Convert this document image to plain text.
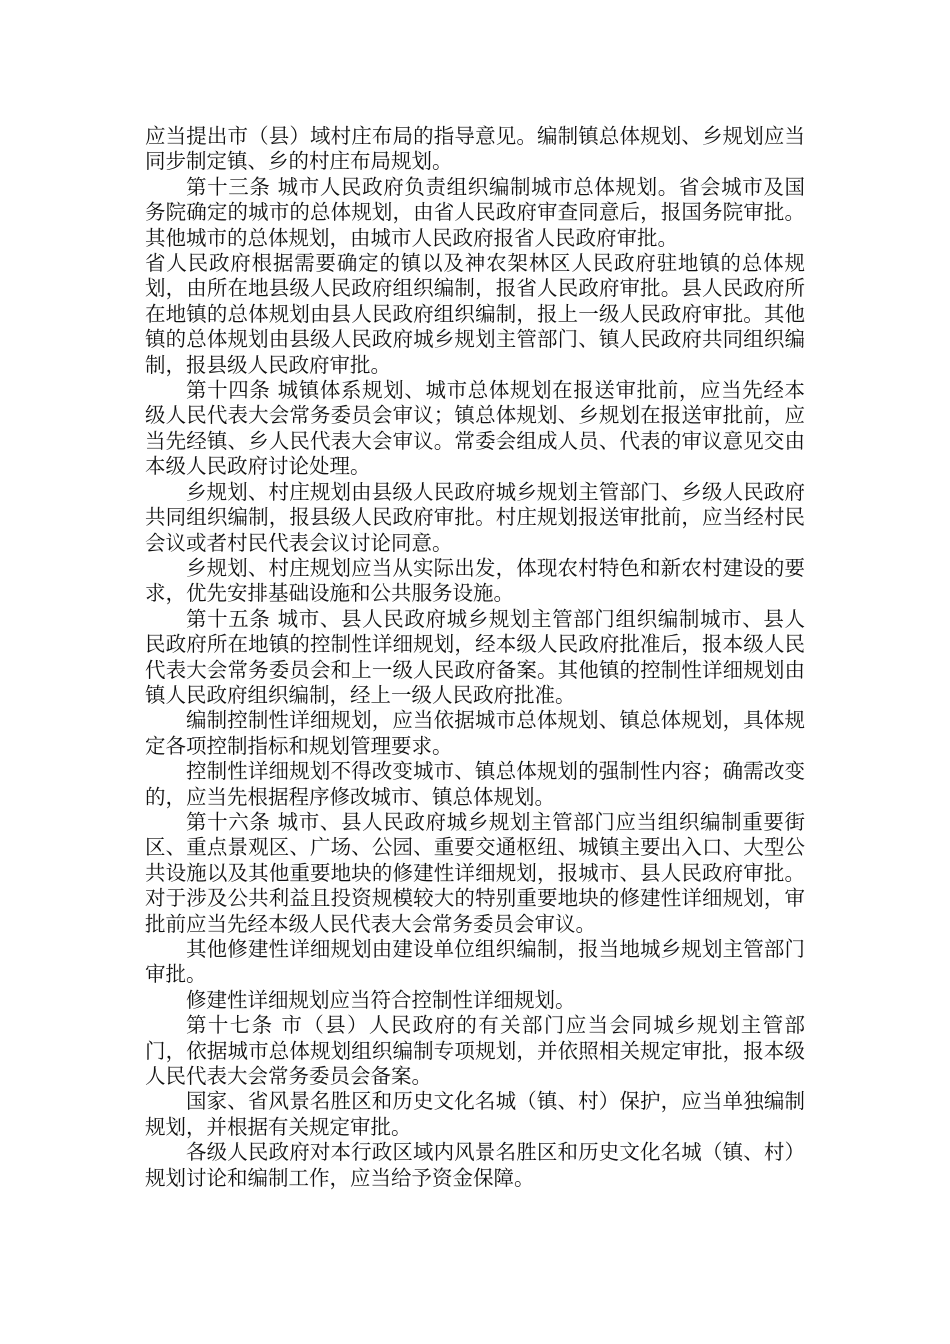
应当提出市（县）域村庄布局的指导意见。编制镇总体规划、乡规划应当同步制定镇、乡的村庄布局规划。

第十三条 城市人民政府负责组织编制城市总体规划。省会城市及国务院确定的城市的总体规划，由省人民政府审查同意后，报国务院审批。其他城市的总体规划，由城市人民政府报省人民政府审批。

省人民政府根据需要确定的镇以及神农架林区人民政府驻地镇的总体规划，由所在地县级人民政府组织编制，报省人民政府审批。县人民政府所在地镇的总体规划由县人民政府组织编制，报上一级人民政府审批。其他镇的总体规划由县级人民政府城乡规划主管部门、镇人民政府共同组织编制，报县级人民政府审批。

第十四条 城镇体系规划、城市总体规划在报送审批前，应当先经本级人民代表大会常务委员会审议；镇总体规划、乡规划在报送审批前，应当先经镇、乡人民代表大会审议。常委会组成人员、代表的审议意见交由本级人民政府讨论处理。

乡规划、村庄规划由县级人民政府城乡规划主管部门、乡级人民政府共同组织编制，报县级人民政府审批。村庄规划报送审批前，应当经村民会议或者村民代表会议讨论同意。

乡规划、村庄规划应当从实际出发，体现农村特色和新农村建设的要求，优先安排基础设施和公共服务设施。

第十五条 城市、县人民政府城乡规划主管部门组织编制城市、县人民政府所在地镇的控制性详细规划，经本级人民政府批准后，报本级人民代表大会常务委员会和上一级人民政府备案。其他镇的控制性详细规划由镇人民政府组织编制，经上一级人民政府批准。

编制控制性详细规划，应当依据城市总体规划、镇总体规划，具体规定各项控制指标和规划管理要求。

控制性详细规划不得改变城市、镇总体规划的强制性内容；确需改变的，应当先根据程序修改城市、镇总体规划。

第十六条 城市、县人民政府城乡规划主管部门应当组织编制重要街区、重点景观区、广场、公园、重要交通枢纽、城镇主要出入口、大型公共设施以及其他重要地块的修建性详细规划，报城市、县人民政府审批。对于涉及公共利益且投资规模较大的特别重要地块的修建性详细规划，审批前应当先经本级人民代表大会常务委员会审议。

其他修建性详细规划由建设单位组织编制，报当地城乡规划主管部门审批。

修建性详细规划应当符合控制性详细规划。

第十七条 市（县）人民政府的有关部门应当会同城乡规划主管部门，依据城市总体规划组织编制专项规划，并依照相关规定审批，报本级人民代表大会常务委员会备案。

国家、省风景名胜区和历史文化名城（镇、村）保护，应当单独编制规划，并根据有关规定审批。

各级人民政府对本行政区域内风景名胜区和历史文化名城（镇、村）规划讨论和编制工作，应当给予资金保障。
